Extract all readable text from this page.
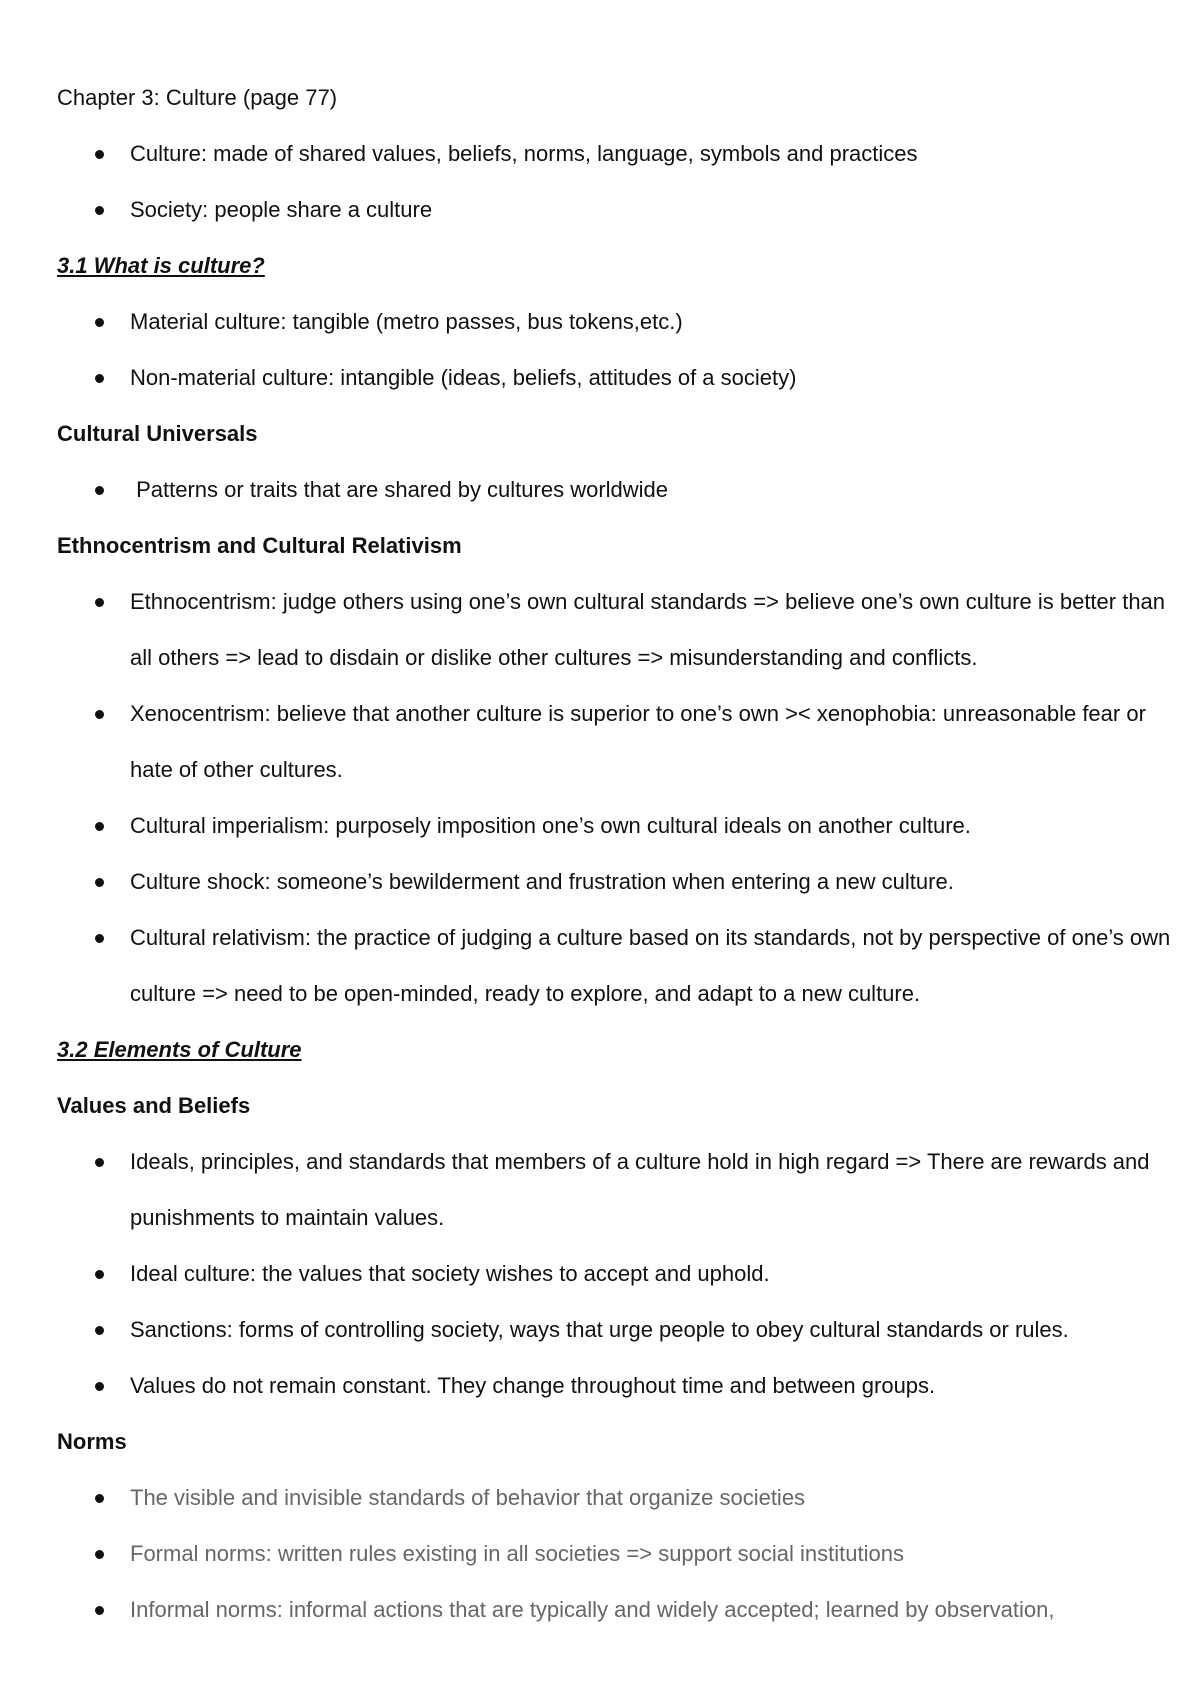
Chapter 3: Culture (page 77)
Culture: made of shared values, beliefs, norms, language, symbols and practices
Society: people share a culture
3.1 What is culture?
Material culture: tangible (metro passes, bus tokens,etc.)
Non-material culture: intangible (ideas, beliefs, attitudes of a society)
Cultural Universals
Patterns or traits that are shared by cultures worldwide
Ethnocentrism and Cultural Relativism
Ethnocentrism: judge others using one’s own cultural standards => believe one’s own culture is better than all others => lead to disdain or dislike other cultures => misunderstanding and conflicts.
Xenocentrism: believe that another culture is superior to one’s own >< xenophobia: unreasonable fear or hate of other cultures.
Cultural imperialism: purposely imposition one’s own cultural ideals on another culture.
Culture shock: someone’s bewilderment and frustration when entering a new culture.
Cultural relativism: the practice of judging a culture based on its standards, not by perspective of one’s own culture => need to be open-minded, ready to explore, and adapt to a new culture.
3.2 Elements of Culture
Values and Beliefs
Ideals, principles, and standards that members of a culture hold in high regard => There are rewards and punishments to maintain values.
Ideal culture: the values that society wishes to accept and uphold.
Sanctions: forms of controlling society, ways that urge people to obey cultural standards or rules.
Values do not remain constant. They change throughout time and between groups.
Norms
The visible and invisible standards of behavior that organize societies
Formal norms: written rules existing in all societies => support social institutions
Informal norms: informal actions that are typically and widely accepted; learned by observation,
